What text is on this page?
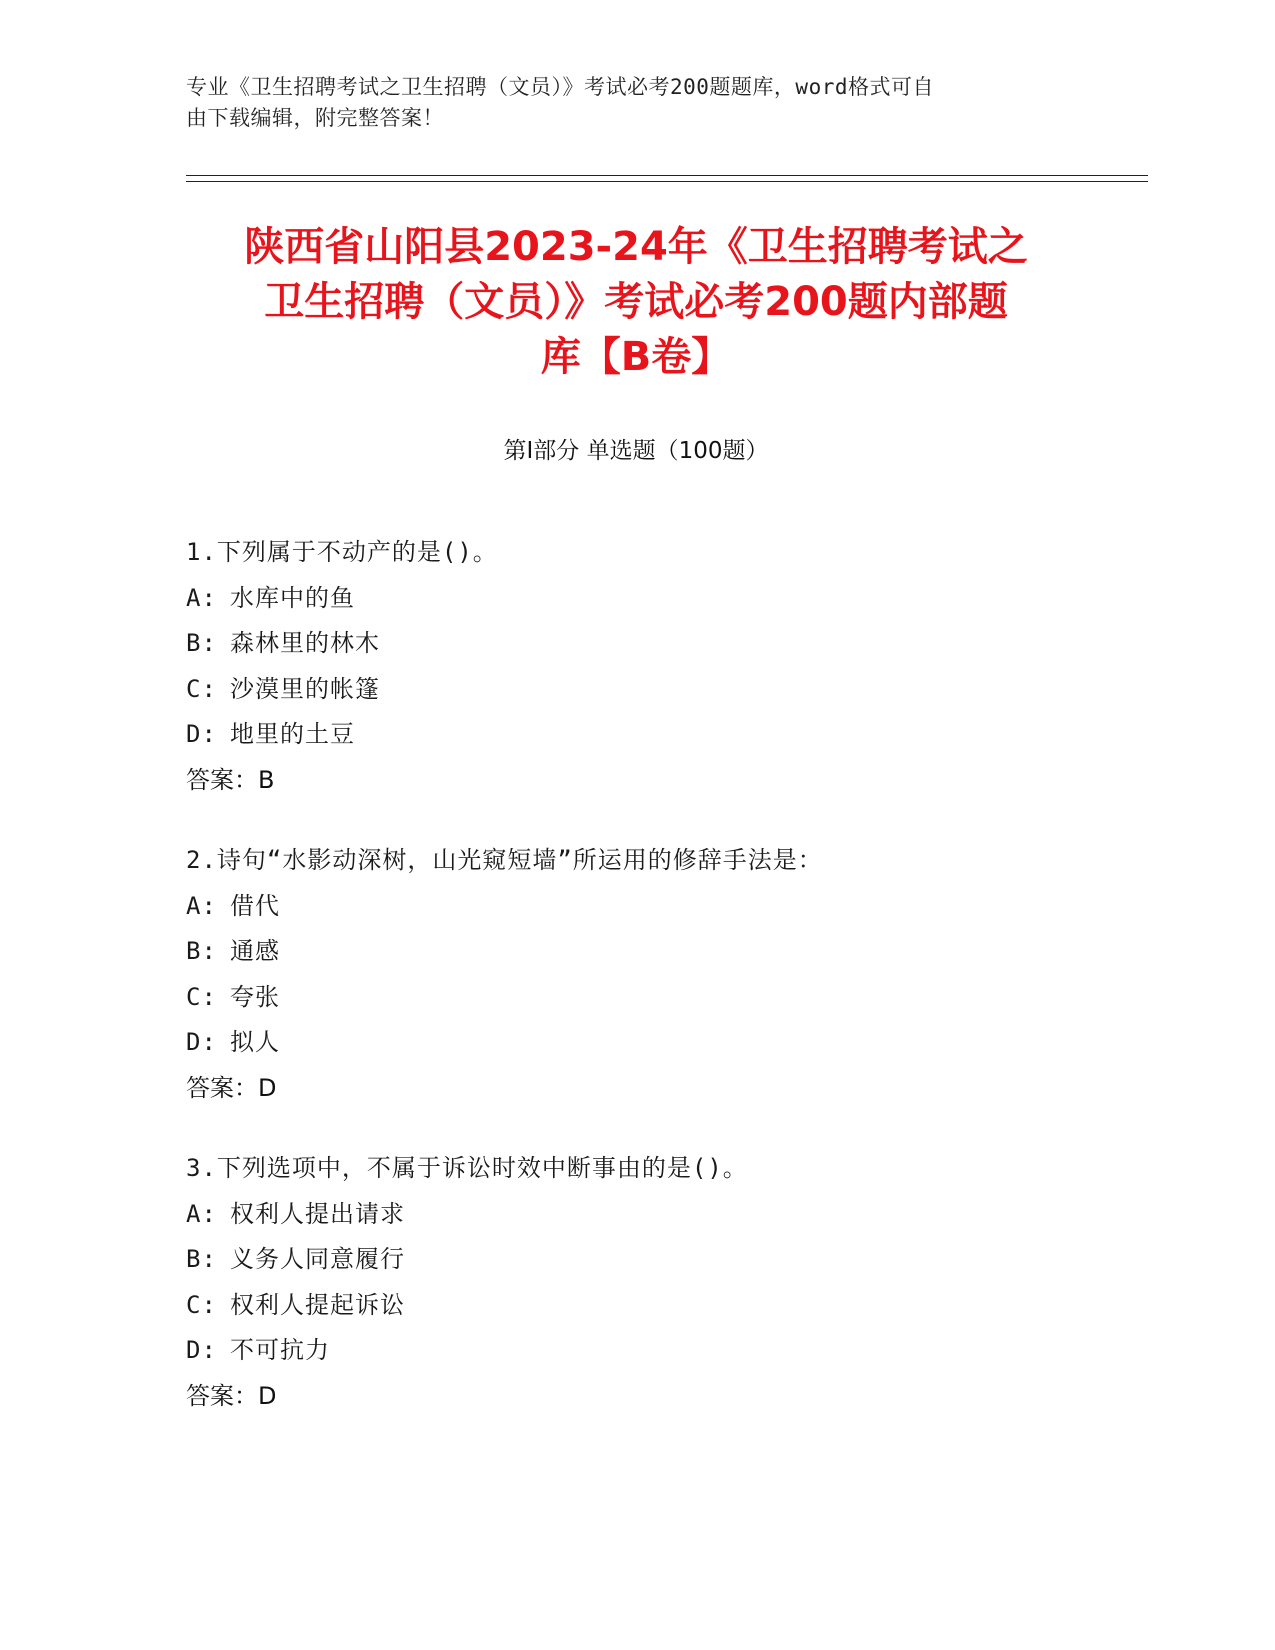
专业《卫生招聘考试之卫生招聘（文员）》考试必考200题题库，word格式可自
由下载编辑，附完整答案！
陕西省山阳县2023-24年《卫生招聘考试之
卫生招聘（文员）》考试必考200题内部题
库【B卷】
第Ⅰ部分 单选题（100题）
1.下列属于不动产的是()。
A: 水库中的鱼
B: 森林里的林木
C: 沙漠里的帐篷
D: 地里的土豆
答案：B
2.诗句“水影动深树，山光窥短墙”所运用的修辞手法是：
A: 借代
B: 通感
C: 夸张
D: 拟人
答案：D
3.下列选项中，不属于诉讼时效中断事由的是()。
A: 权利人提出请求
B: 义务人同意履行
C: 权利人提起诉讼
D: 不可抗力
答案：D
